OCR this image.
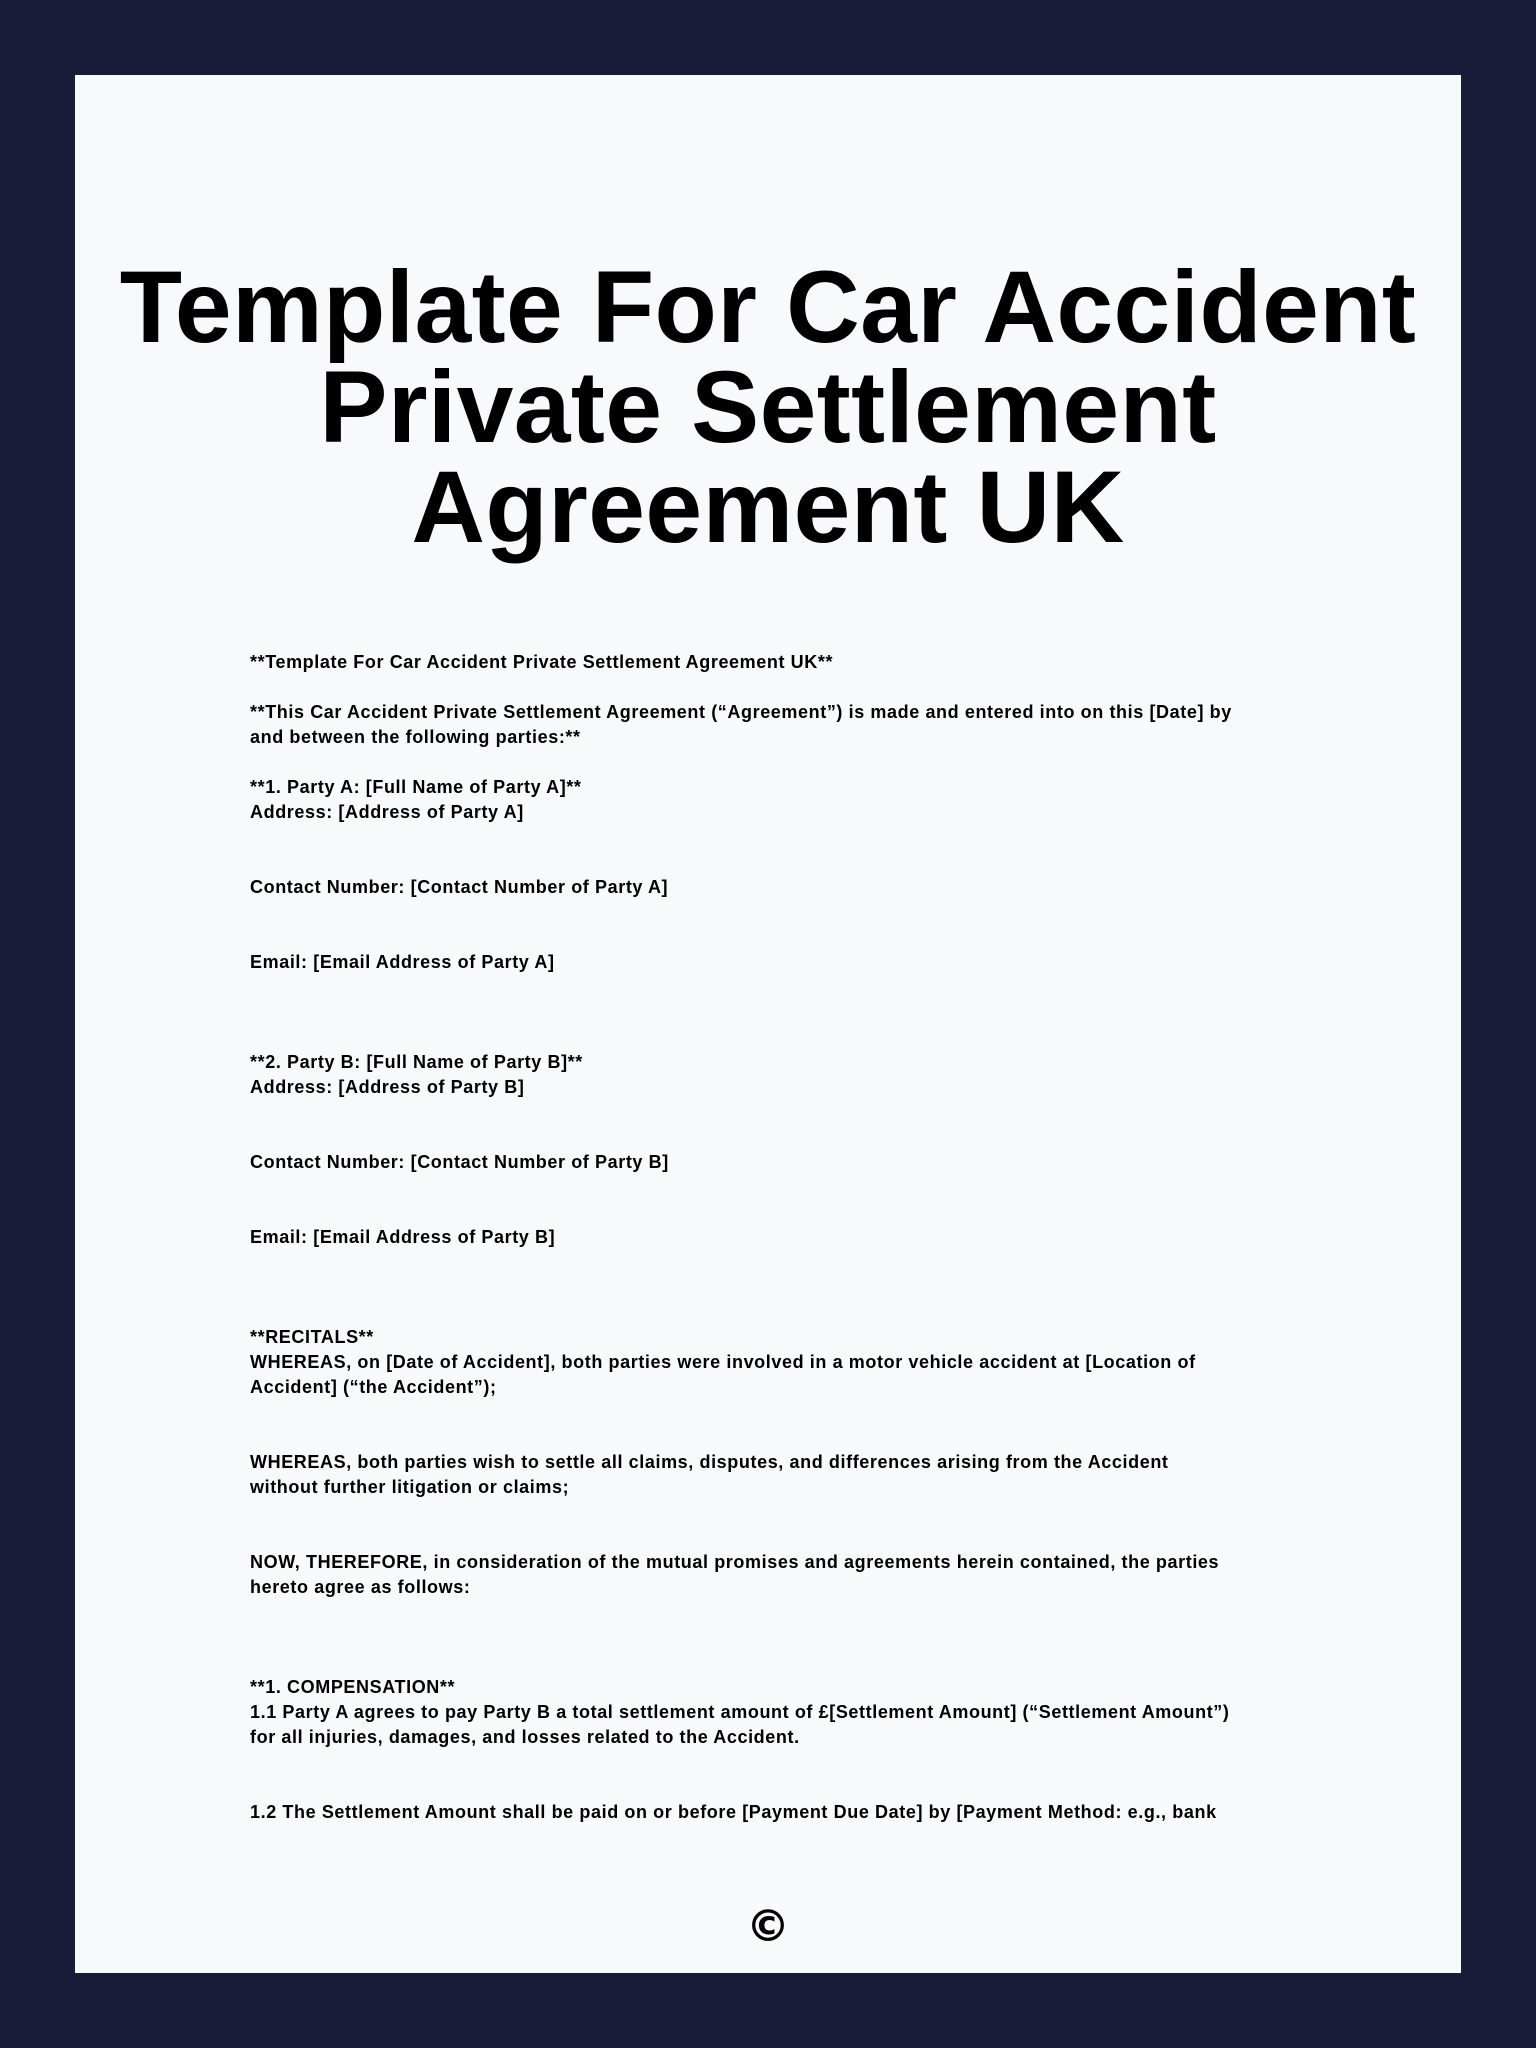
Template For Car Accident
Private Settlement
Agreement UK

**Template For Car Accident Private Settlement Agreement UK**

**This Car Accident Private Settlement Agreement (“Agreement”) is made and entered into on this [Date] by
and between the following parties:**

**1. Party A: [Full Name of Party A]**
Address: [Address of Party A]
Contact Number: [Contact Number of Party A]
Email: [Email Address of Party A]
**2. Party B: [Full Name of Party B]**
Address: [Address of Party B]
Contact Number: [Contact Number of Party B]
Email: [Email Address of Party B]
**RECITALS**
WHEREAS, on [Date of Accident], both parties were involved in a motor vehicle accident at [Location of
Accident] (“the Accident”);
WHEREAS, both parties wish to settle all claims, disputes, and differences arising from the Accident
without further litigation or claims;
NOW, THEREFORE, in consideration of the mutual promises and agreements herein contained, the parties
hereto agree as follows:
**1. COMPENSATION**
1.1 Party A agrees to pay Party B a total settlement amount of £[Settlement Amount] (“Settlement Amount”)
for all injuries, damages, and losses related to the Accident.
1.2 The Settlement Amount shall be paid on or before [Payment Due Date] by [Payment Method: e.g., bank
©
